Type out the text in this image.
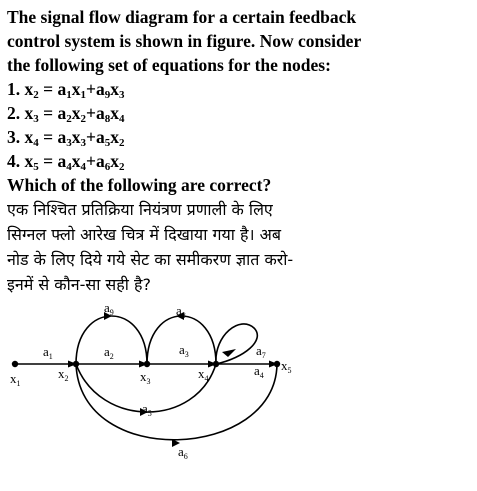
The signal flow diagram for a certain feedback
control system is shown in figure. Now consider
the following set of equations for the nodes:
1. $x_2 = a_1x_1+a_9x_3$
2. $x_3 = a_2x_2+a_8x_4$
3. $x_4 = a_3x_3+a_5x_2$
4. $x_5 = a_4x_4+a_6x_2$
Which of the following are correct?
एक निश्चित प्रतिक्रिया नियंत्रण प्रणाली के लिए
सिग्नल फ्लो आरेख चित्र में दिखाया गया है। अब
नोड के लिए दिये गये सेट का समीकरण ज्ञात करो-
इनमें से कौन-सा सही है?
$x_1$
$x_2$	$x_3$
$x_4$
$x_5$
$a_1$	$a_2$	$a_3$
$a_4$
$a_5$
$a_6$
$a_7$
$a_8$
$a_9$
